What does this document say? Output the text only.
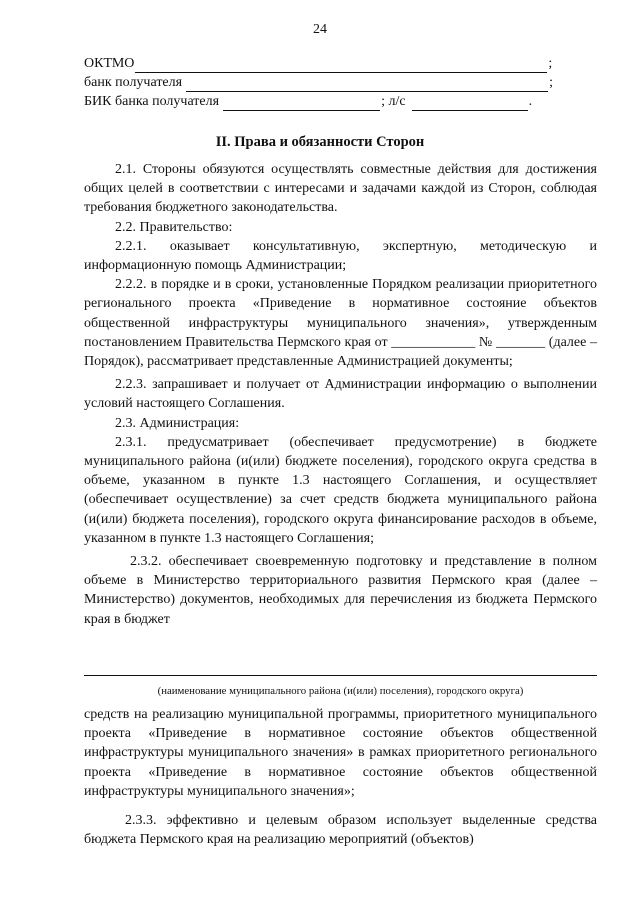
24
ОКТМО	;
банк получателя	;
БИК банка получателя	; л/с	.
II. Права и обязанности Сторон

2.1. Стороны обязуются осуществлять совместные действия для достижения общих целей в соответствии с интересами и задачами каждой из Сторон, соблюдая требования бюджетного законодательства.

2.2. Правительство:

2.2.1. оказывает консультативную, экспертную, методическую и информационную помощь Администрации;

2.2.2. в порядке и в сроки, установленные Порядком реализации приоритетного регионального проекта «Приведение в нормативное состояние объектов общественной инфраструктуры муниципального значения», утвержденным постановлением Правительства Пермского края от ____________ № _______ (далее – Порядок), рассматривает представленные Администрацией документы;

2.2.3. запрашивает и получает от Администрации информацию о выполнении условий настоящего Соглашения.

2.3. Администрация:

2.3.1. предусматривает (обеспечивает предусмотрение) в бюджете муниципального района (и(или) бюджете поселения), городского округа средства в объеме, указанном в пункте 1.3 настоящего Соглашения, и осуществляет (обеспечивает осуществление) за счет средств бюджета муниципального района (и(или) бюджета поселения), городского округа финансирование расходов в объеме, указанном в пункте 1.3 настоящего Соглашения;

2.3.2. обеспечивает своевременную подготовку и представление в полном объеме в Министерство территориального развития Пермского края (далее – Министерство) документов, необходимых для перечисления из бюджета Пермского края в бюджет

(наименование муниципального района (и(или) поселения), городского округа)

средств на реализацию муниципальной программы, приоритетного муниципального проекта «Приведение в нормативное состояние объектов общественной инфраструктуры муниципального значения» в рамках приоритетного регионального проекта «Приведение в нормативное состояние объектов общественной инфраструктуры муниципального значения»;

2.3.3. эффективно и целевым образом использует выделенные средства бюджета Пермского края на реализацию мероприятий (объектов)
